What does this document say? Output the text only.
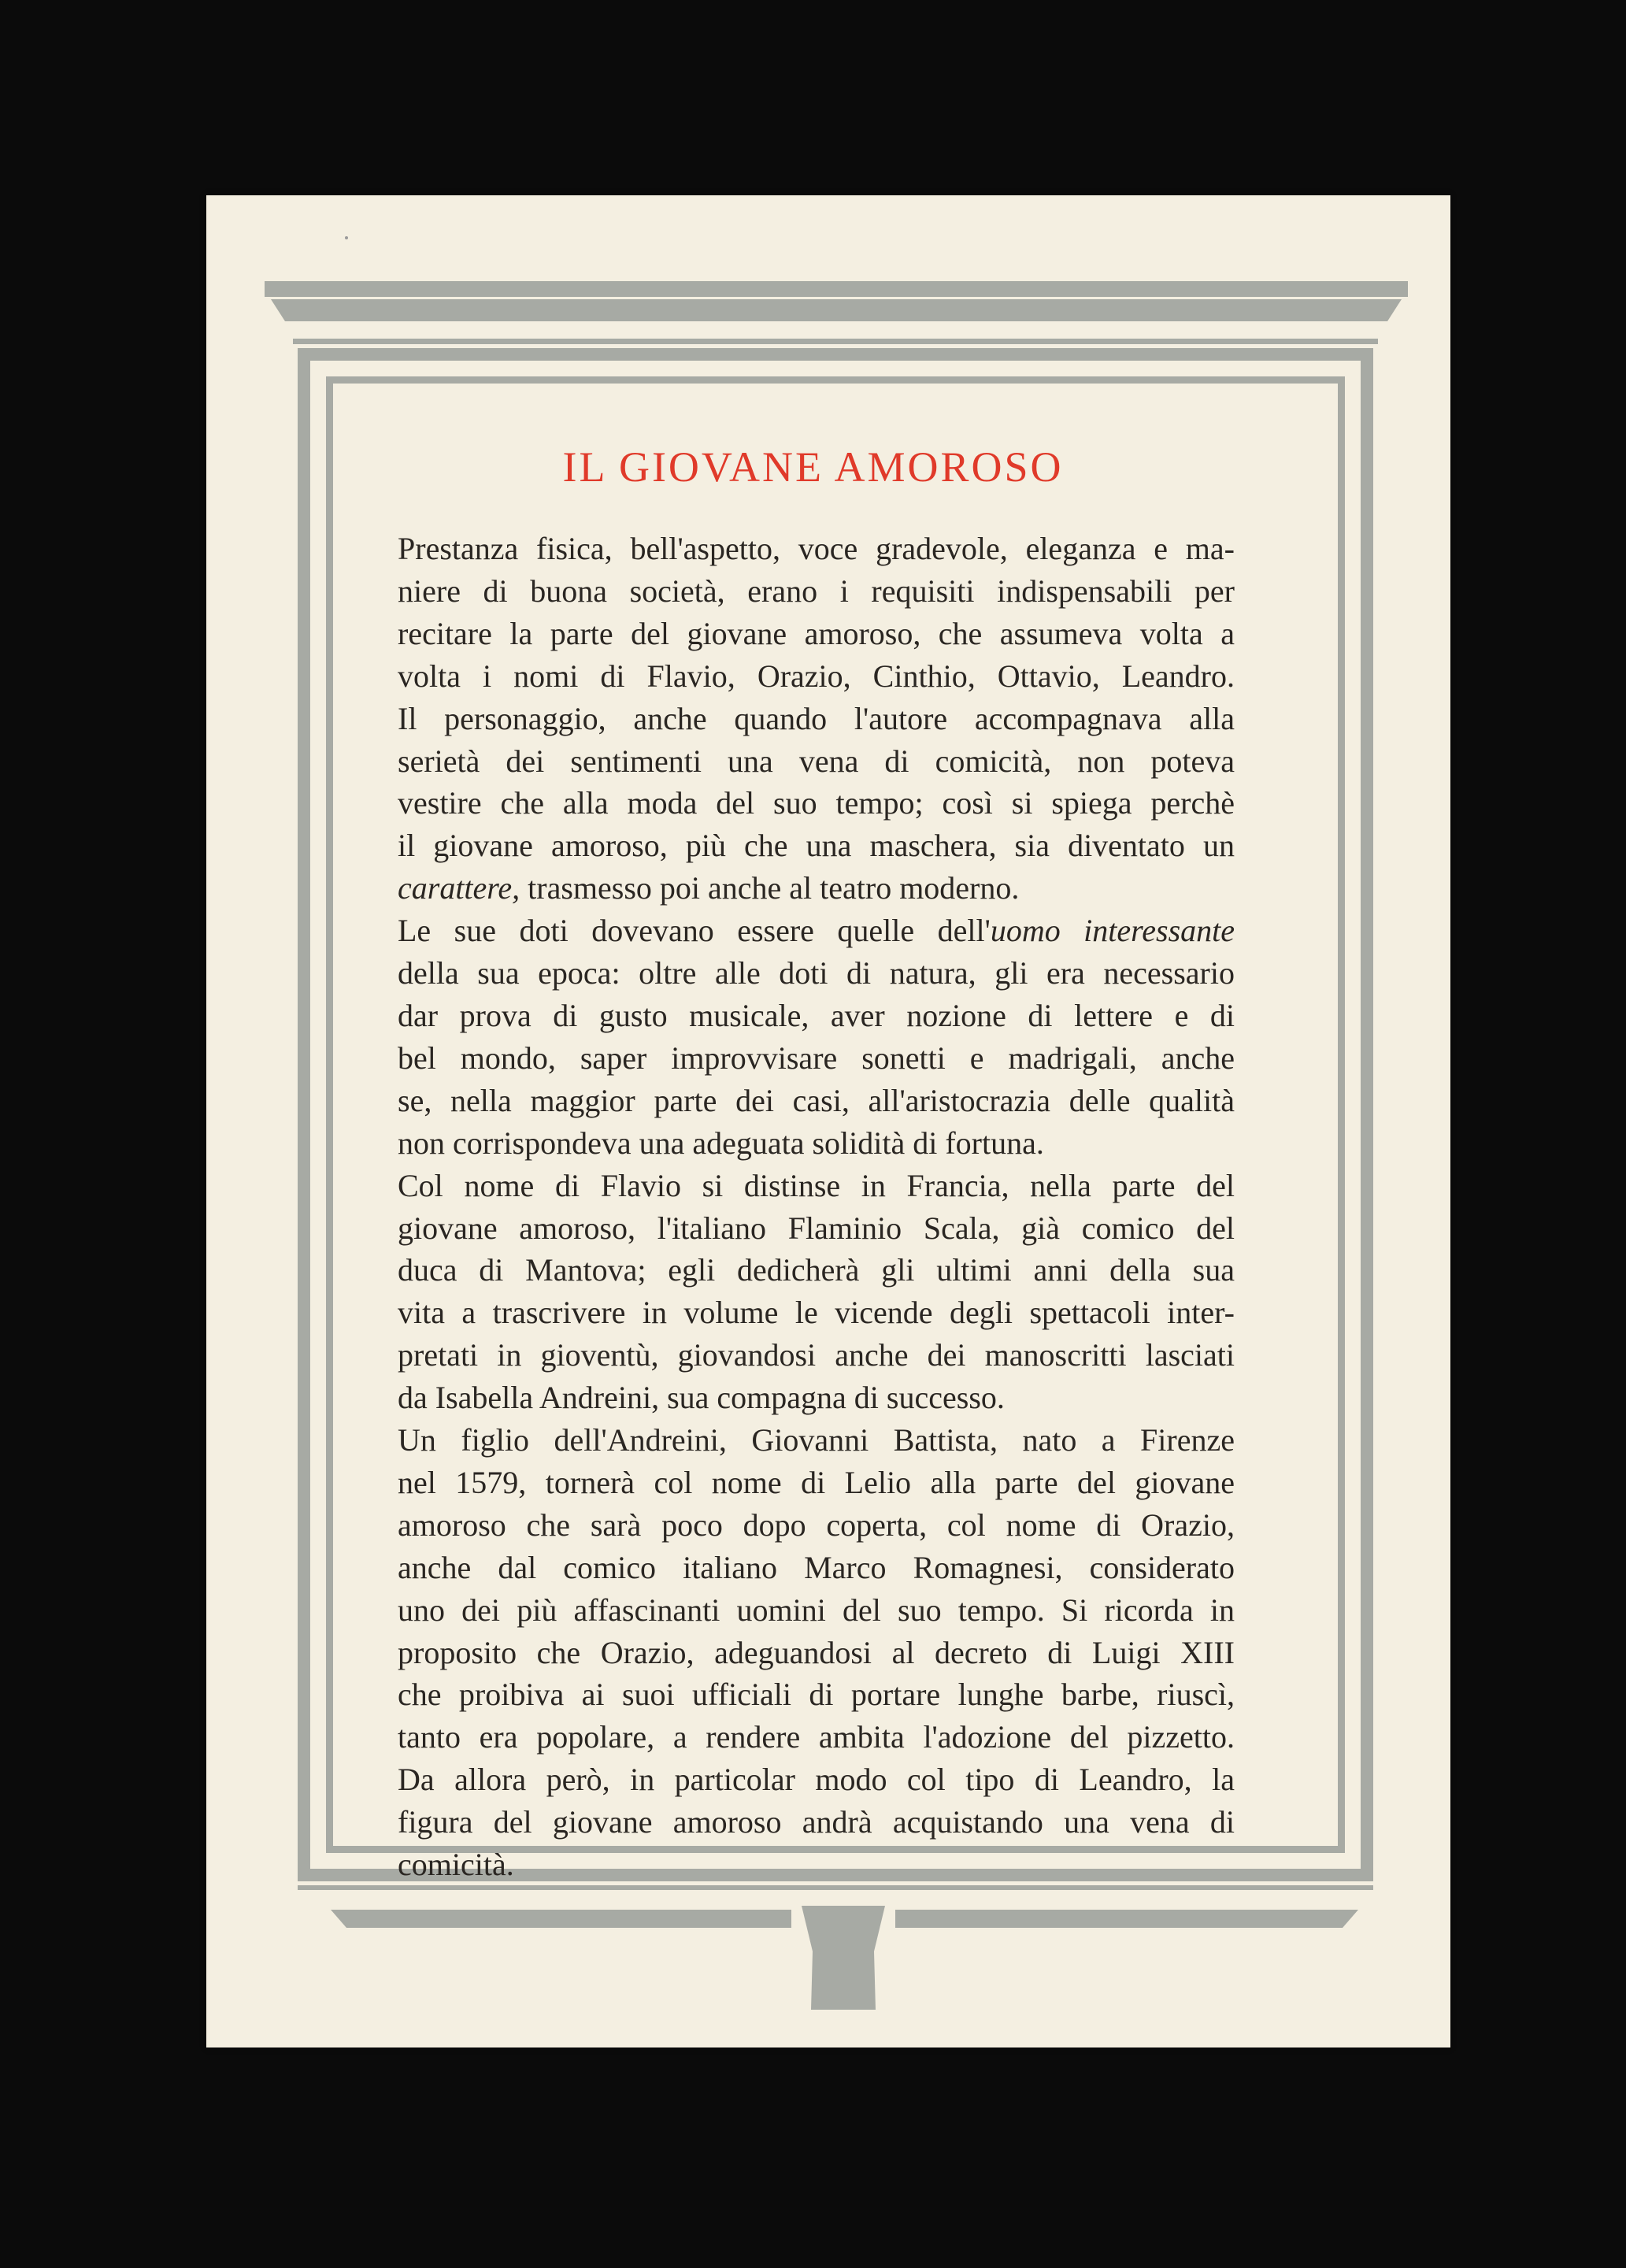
IL GIOVANE AMOROSO

Prestanza fisica, bell'aspetto, voce gradevole, eleganza e ma-

niere di buona società, erano i requisiti indispensabili per

recitare la parte del giovane amoroso, che assumeva volta a

volta i nomi di Flavio, Orazio, Cinthio, Ottavio, Leandro.

Il personaggio, anche quando l'autore accompagnava alla

serietà dei sentimenti una vena di comicità, non poteva

vestire che alla moda del suo tempo; così si spiega perchè

il giovane amoroso, più che una maschera, sia diventato un

carattere, trasmesso poi anche al teatro moderno.

Le sue doti dovevano essere quelle dell'uomo interessante

della sua epoca: oltre alle doti di natura, gli era necessario

dar prova di gusto musicale, aver nozione di lettere e di

bel mondo, saper improvvisare sonetti e madrigali, anche

se, nella maggior parte dei casi, all'aristocrazia delle qualità

non corrispondeva una adeguata solidità di fortuna.

Col nome di Flavio si distinse in Francia, nella parte del

giovane amoroso, l'italiano Flaminio Scala, già comico del

duca di Mantova; egli dedicherà gli ultimi anni della sua

vita a trascrivere in volume le vicende degli spettacoli inter-

pretati in gioventù, giovandosi anche dei manoscritti lasciati

da Isabella Andreini, sua compagna di successo.

Un figlio dell'Andreini, Giovanni Battista, nato a Firenze

nel 1579, tornerà col nome di Lelio alla parte del giovane

amoroso che sarà poco dopo coperta, col nome di Orazio,

anche dal comico italiano Marco Romagnesi, considerato

uno dei più affascinanti uomini del suo tempo. Si ricorda in

proposito che Orazio, adeguandosi al decreto di Luigi XIII

che proibiva ai suoi ufficiali di portare lunghe barbe, riuscì,

tanto era popolare, a rendere ambita l'adozione del pizzetto.

Da allora però, in particolar modo col tipo di Leandro, la

figura del giovane amoroso andrà acquistando una vena di

comicità.
